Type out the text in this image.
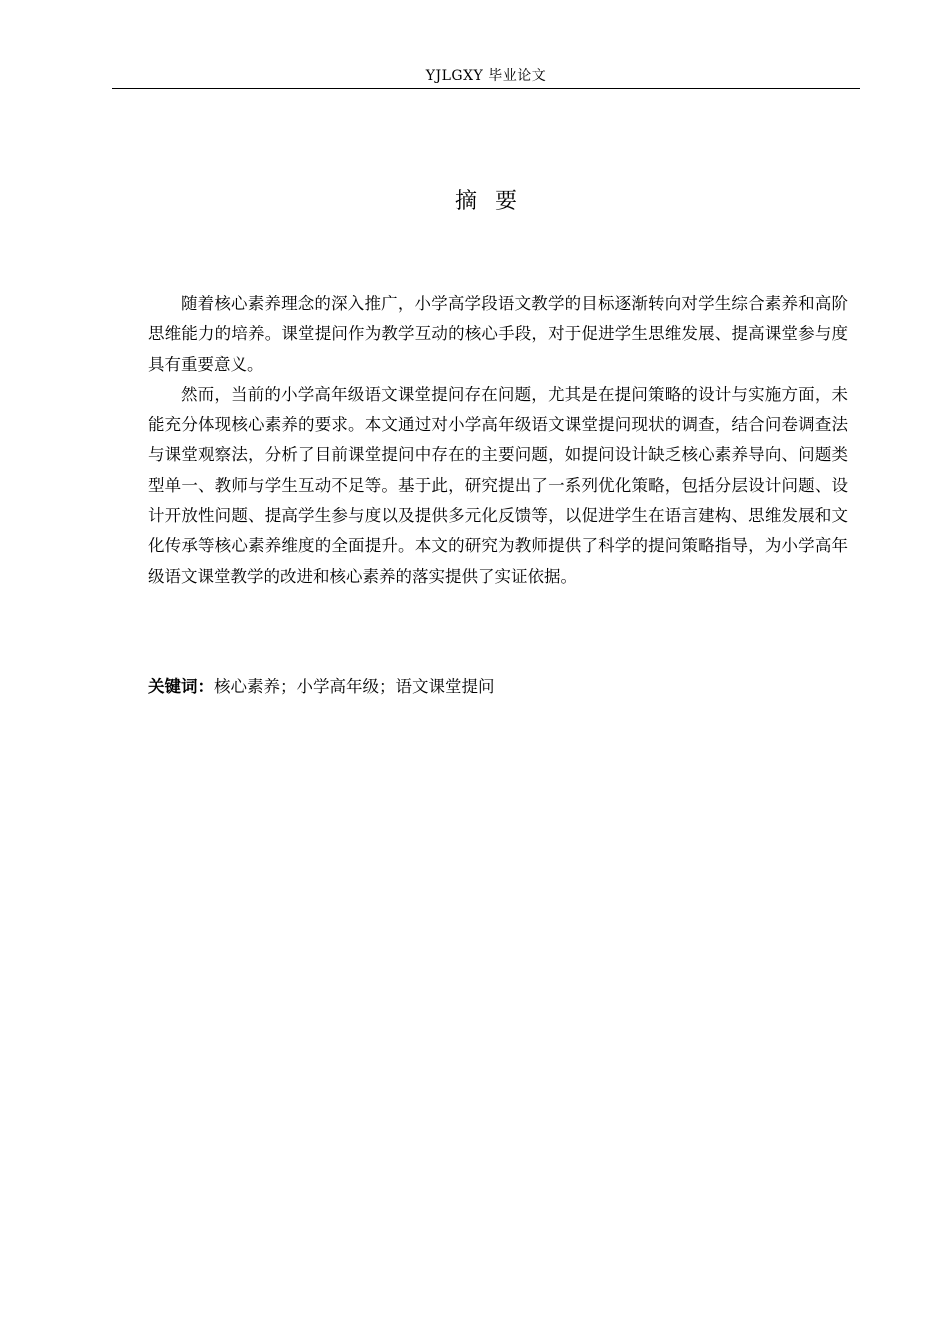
YJLGXY 毕业论文
摘要

随着核心素养理念的深入推广，小学高学段语文教学的目标逐渐转向对学生综合素养和高阶思维能力的培养。课堂提问作为教学互动的核心手段，对于促进学生思维发展、提高课堂参与度具有重要意义。

然而，当前的小学高年级语文课堂提问存在问题，尤其是在提问策略的设计与实施方面，未能充分体现核心素养的要求。本文通过对小学高年级语文课堂提问现状的调查，结合问卷调查法与课堂观察法，分析了目前课堂提问中存在的主要问题，如提问设计缺乏核心素养导向、问题类型单一、教师与学生互动不足等。基于此，研究提出了一系列优化策略，包括分层设计问题、设计开放性问题、提高学生参与度以及提供多元化反馈等，以促进学生在语言建构、思维发展和文化传承等核心素养维度的全面提升。本文的研究为教师提供了科学的提问策略指导，为小学高年级语文课堂教学的改进和核心素养的落实提供了实证依据。

关键词：核心素养；小学高年级；语文课堂提问
